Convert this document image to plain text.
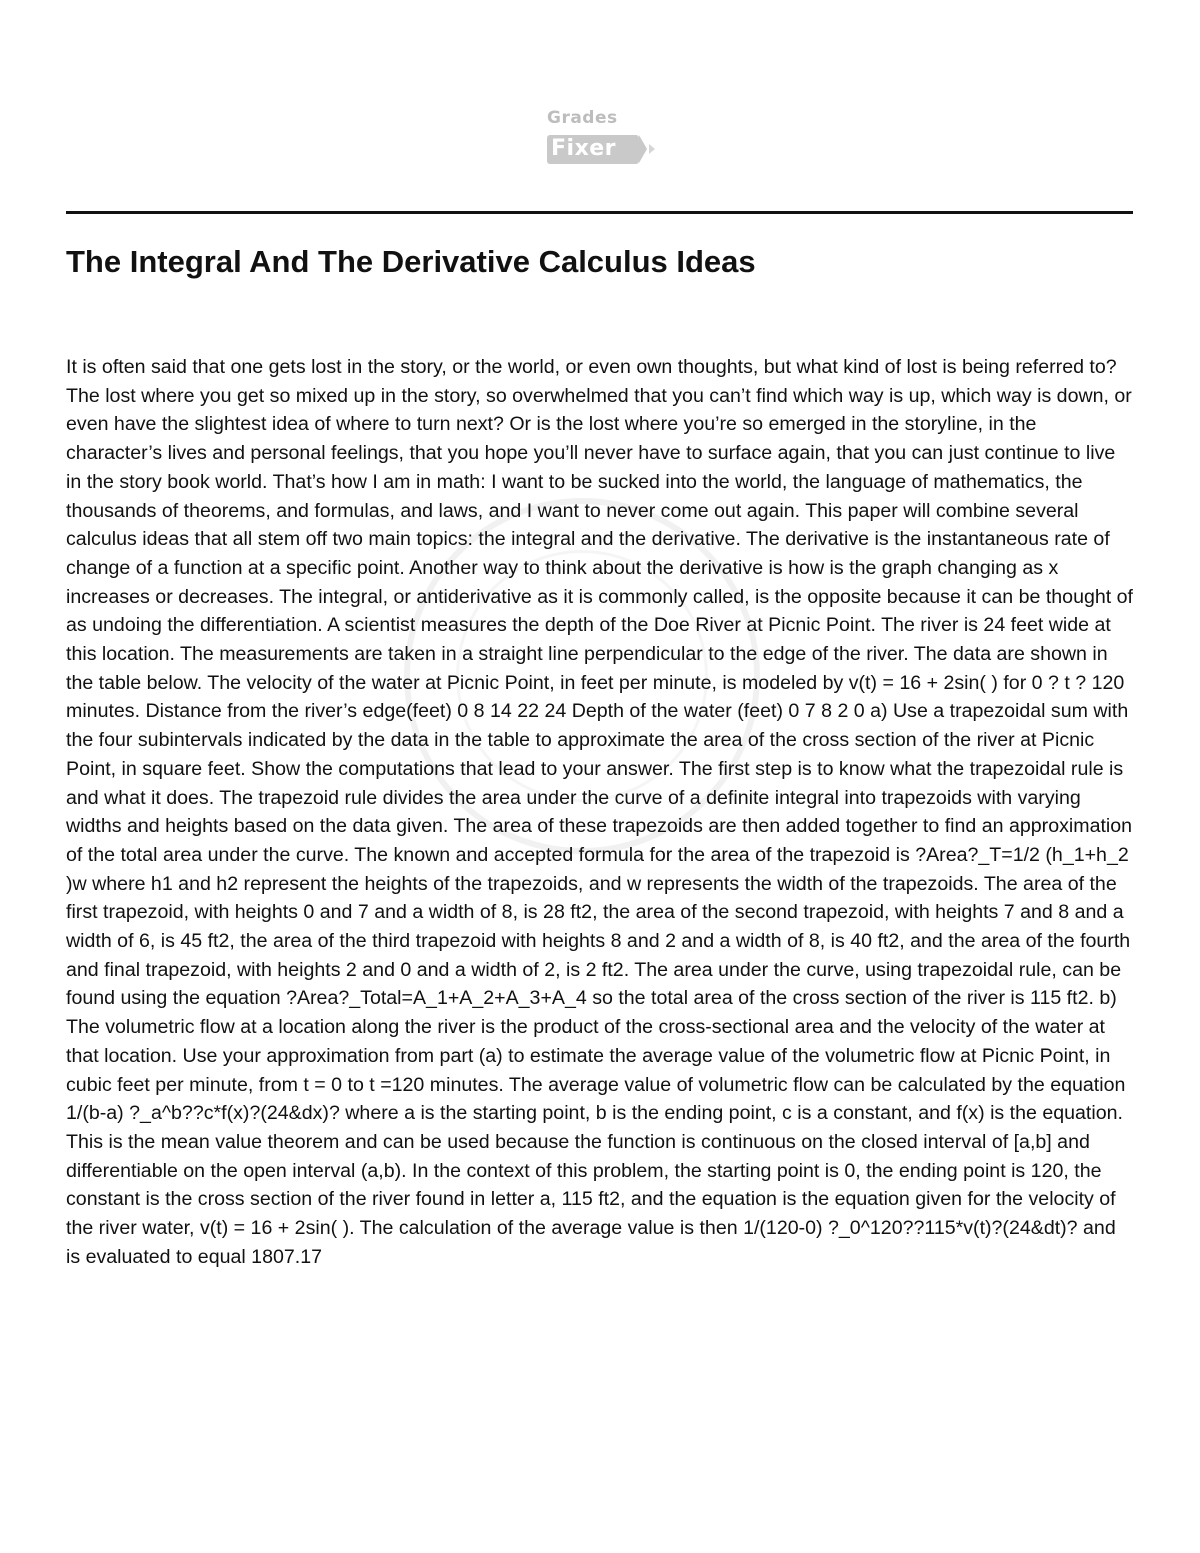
Grades
Fixer
The Integral And The Derivative Calculus Ideas

It is often said that one gets lost in the story, or the world, or even own thoughts, but what kind of lost is being referred to? The lost where you get so mixed up in the story, so overwhelmed that you can’t find which way is up, which way is down, or even have the slightest idea of where to turn next? Or is the lost where you’re so emerged in the storyline, in the character’s lives and personal feelings, that you hope you’ll never have to surface again, that you can just continue to live in the story book world. That’s how I am in math: I want to be sucked into the world, the language of mathematics, the thousands of theorems, and formulas, and laws, and I want to never come out again. This paper will combine several calculus ideas that all stem off two main topics: the integral and the derivative. The derivative is the instantaneous rate of change of a function at a specific point. Another way to think about the derivative is how is the graph changing as x increases or decreases. The integral, or antiderivative as it is commonly called, is the opposite because it can be thought of as undoing the differentiation. A scientist measures the depth of the Doe River at Picnic Point. The river is 24 feet wide at this location. The measurements are taken in a straight line perpendicular to the edge of the river. The data are shown in the table below. The velocity of the water at Picnic Point, in feet per minute, is modeled by v(t) = 16 + 2sin( ) for 0 ? t ? 120 minutes. Distance from the river’s edge(feet) 0 8 14 22 24 Depth of the water (feet) 0 7 8 2 0 a) Use a trapezoidal sum with the four subintervals indicated by the data in the table to approximate the area of the cross section of the river at Picnic Point, in square feet. Show the computations that lead to your answer. The first step is to know what the trapezoidal rule is and what it does. The trapezoid rule divides the area under the curve of a definite integral into trapezoids with varying widths and heights based on the data given. The area of these trapezoids are then added together to find an approximation of the total area under the curve. The known and accepted formula for the area of the trapezoid is ?Area?_T=1/2 (h_1+h_2 )w where h1 and h2 represent the heights of the trapezoids, and w represents the width of the trapezoids. The area of the first trapezoid, with heights 0 and 7 and a width of 8, is 28 ft2, the area of the second trapezoid, with heights 7 and 8 and a width of 6, is 45 ft2, the area of the third trapezoid with heights 8 and 2 and a width of 8, is 40 ft2, and the area of the fourth and final trapezoid, with heights 2 and 0 and a width of 2, is 2 ft2. The area under the curve, using trapezoidal rule, can be found using the equation ?Area?_Total=A_1+A_2+A_3+A_4 so the total area of the cross section of the river is 115 ft2. b) The volumetric flow at a location along the river is the product of the cross-sectional area and the velocity of the water at that location. Use your approximation from part (a) to estimate the average value of the volumetric flow at Picnic Point, in cubic feet per minute, from t = 0 to t =120 minutes. The average value of volumetric flow can be calculated by the equation 1/(b-a) ?_a^b??c*f(x)?(24&dx)? where a is the starting point, b is the ending point, c is a constant, and f(x) is the equation. This is the mean value theorem and can be used because the function is continuous on the closed interval of [a,b] and differentiable on the open interval (a,b). In the context of this problem, the starting point is 0, the ending point is 120, the constant is the cross section of the river found in letter a, 115 ft2, and the equation is the equation given for the velocity of the river water, v(t) = 16 + 2sin( ). The calculation of the average value is then 1/(120-0) ?_0^120??115*v(t)?(24&dt)? and is evaluated to equal 1807.17
